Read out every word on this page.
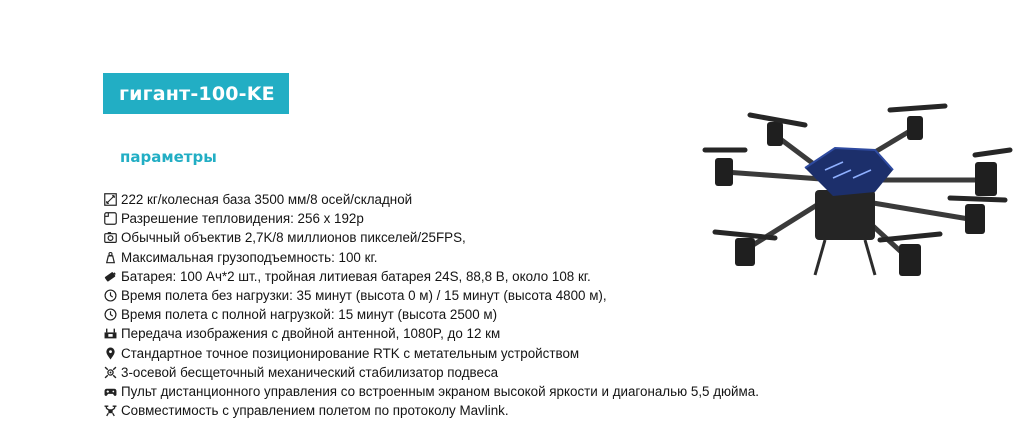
гигант-100-KE
параметры
222 кг/колесная база 3500 мм/8 осей/складной
Разрешение тепловидения: 256 x 192p
Обычный объектив 2,7K/8 миллионов пикселей/25FPS,
Максимальная грузоподъемность: 100 кг.
Батарея: 100 Ач*2 шт., тройная литиевая батарея 24S, 88,8 В, около 108 кг.
Время полета без нагрузки: 35 минут (высота 0 м) / 15 минут (высота 4800 м),
Время полета с полной нагрузкой: 15 минут (высота 2500 м)
Передача изображения с двойной антенной, 1080P, до 12 км
Стандартное точное позиционирование RTK с метательным устройством
3-осевой бесщеточный механический стабилизатор подвеса
Пульт дистанционного управления со встроенным экраном высокой яркости и диагональю 5,5 дюйма.
Совместимость с управлением полетом по протоколу Mavlink.
